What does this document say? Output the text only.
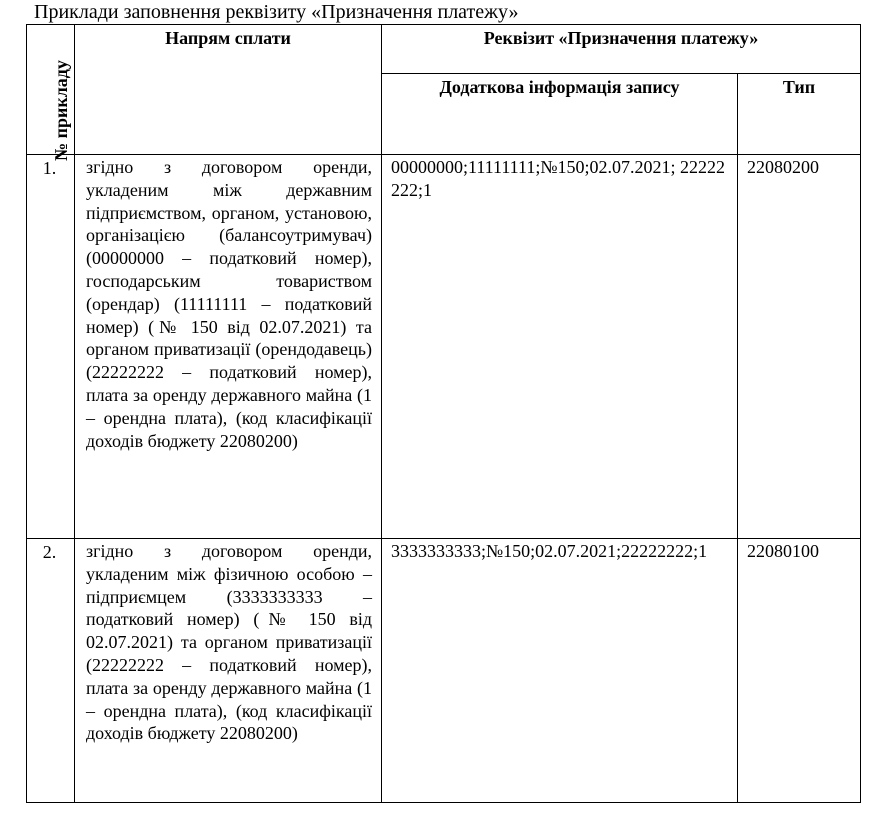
Приклади заповнення реквізиту «Призначення платежу»
№ прикладу	Напрям сплати	Реквізит «Призначення платежу»	

		Додаткова інформація запису	Тип

1.	згідно з договором оренди, укладеним між державним підприємством, органом, установою, організацією (балансоутримувач) (00000000 – податковий номер), господарським товариством (орендар) (11111111 – податковий номер) (№ 150 від 02.07.2021) та органом приватизації (орендодавець) (22222222 – податковий номер), плата за оренду державного майна (1 – орендна плата), (код класифікації доходів бюджету 22080200)	00000000;11111111;№150;02.07.2021; 22222222;1	22080200

2.	згідно з договором оренди, укладеним між фізичною особою – підприємцем (3333333333 – податковий номер) (№ 150 від 02.07.2021) та органом приватизації (22222222 – податковий номер), плата за оренду державного майна (1 – орендна плата), (код класифікації доходів бюджету 22080200)	3333333333;№150;02.07.2021;22222222;1	22080100
